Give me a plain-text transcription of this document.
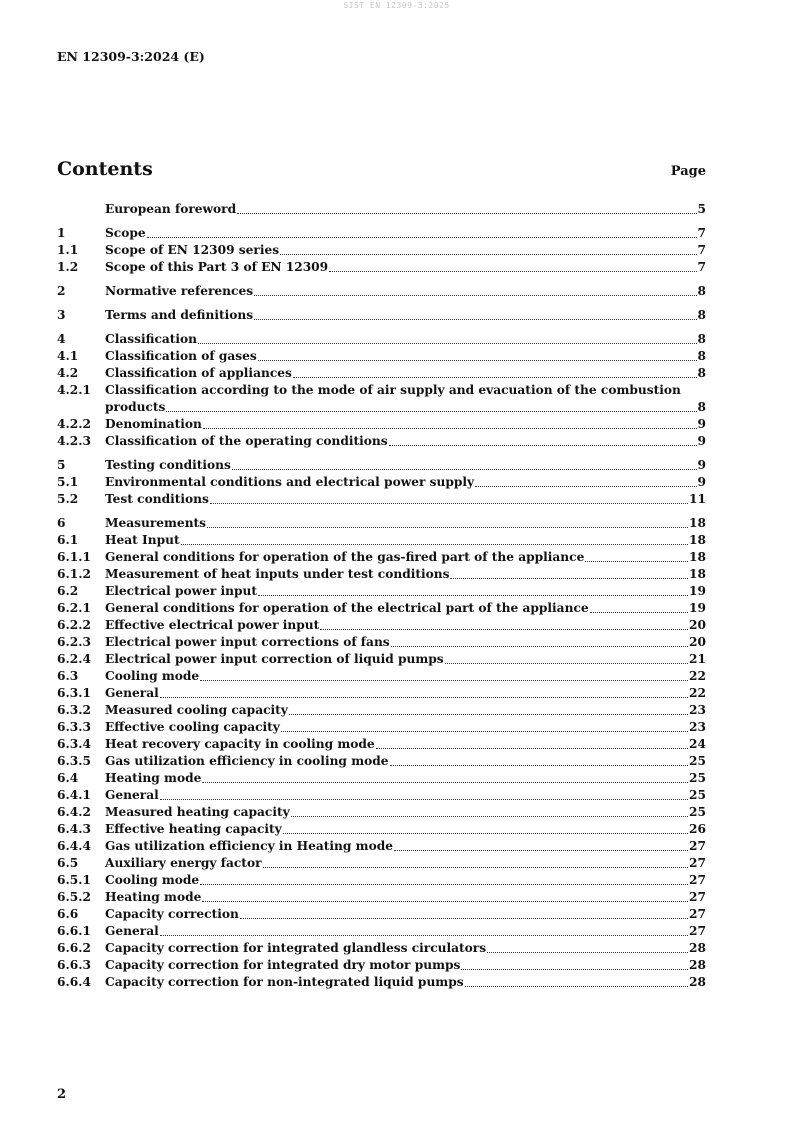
SIST EN 12309-3:2025
EN 12309-3:2024 (E)
Contents	Page
European foreword	5
1	Scope	7
1.1	Scope of EN 12309 series	7
1.2	Scope of this Part 3 of EN 12309	7
2	Normative references	8
3	Terms and definitions	8
4	Classification	8
4.1	Classification of gases	8
4.2	Classification of appliances	8
4.2.1	Classification according to the mode of air supply and evacuation of the combustion
products	8
4.2.2	Denomination	9
4.2.3	Classification of the operating conditions	9
5	Testing conditions	9
5.1	Environmental conditions and electrical power supply	9
5.2	Test conditions	11
6	Measurements	18
6.1	Heat Input	18
6.1.1	General conditions for operation of the gas-fired part of the appliance	18
6.1.2	Measurement of heat inputs under test conditions	18
6.2	Electrical power input	19
6.2.1	General conditions for operation of the electrical part of the appliance	19
6.2.2	Effective electrical power input	20
6.2.3	Electrical power input corrections of fans	20
6.2.4	Electrical power input correction of liquid pumps	21
6.3	Cooling mode	22
6.3.1	General	22
6.3.2	Measured cooling capacity	23
6.3.3	Effective cooling capacity	23
6.3.4	Heat recovery capacity in cooling mode	24
6.3.5	Gas utilization efficiency in cooling mode	25
6.4	Heating mode	25
6.4.1	General	25
6.4.2	Measured heating capacity	25
6.4.3	Effective heating capacity	26
6.4.4	Gas utilization efficiency in Heating mode	27
6.5	Auxiliary energy factor	27
6.5.1	Cooling mode	27
6.5.2	Heating mode	27
6.6	Capacity correction	27
6.6.1	General	27
6.6.2	Capacity correction for integrated glandless circulators	28
6.6.3	Capacity correction for integrated dry motor pumps	28
6.6.4	Capacity correction for non-integrated liquid pumps	28
2
